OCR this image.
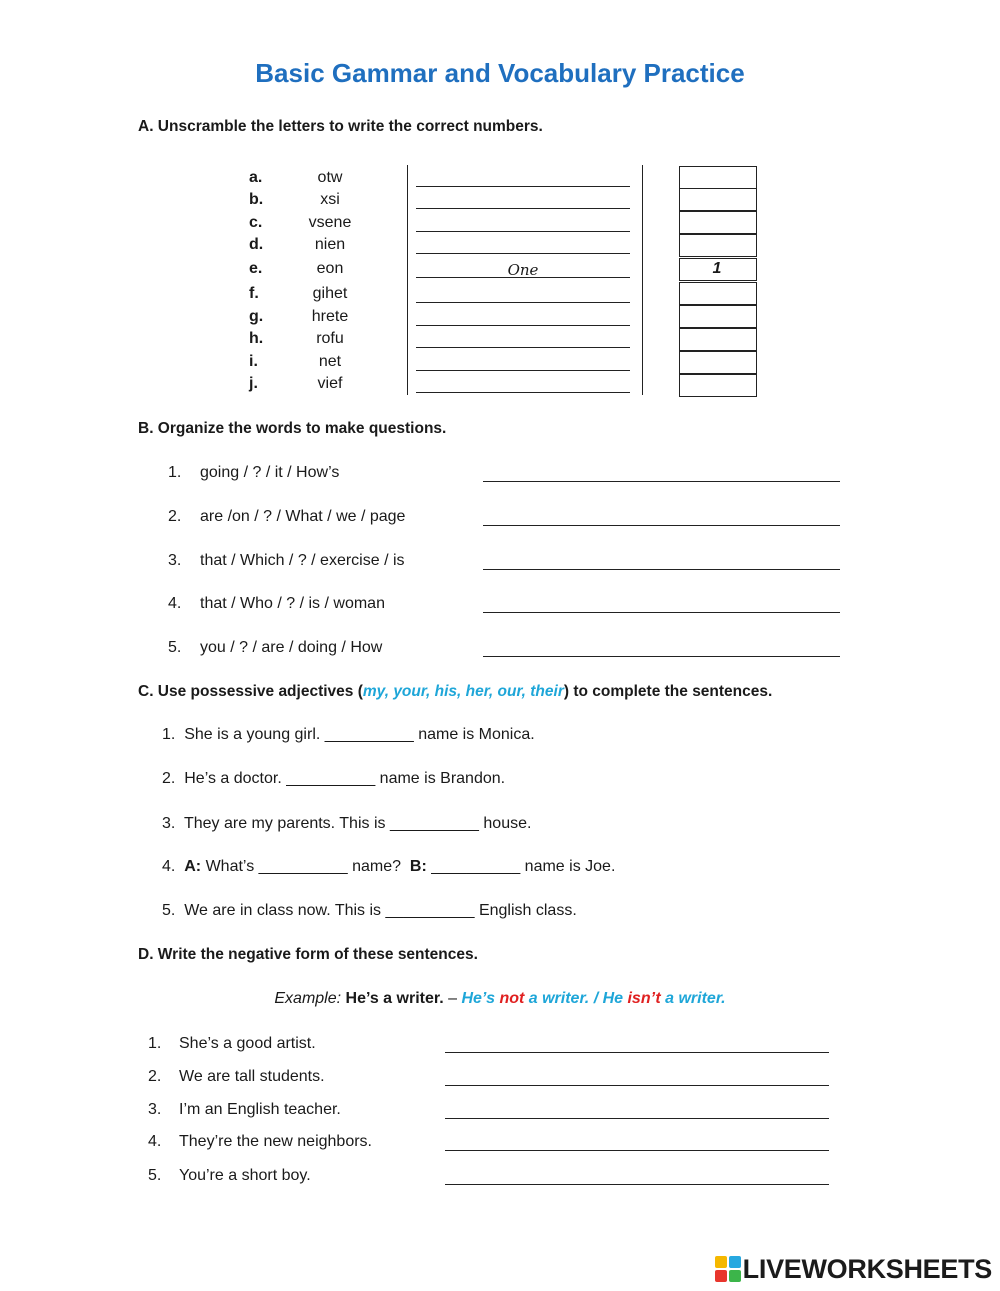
Basic Gammar and Vocabulary Practice
A. Unscramble the letters to write the correct numbers.
B. Organize the words to make questions.
C. Use possessive adjectives (my, your, his, her, our, their) to complete the sentences.
4. A: What’s __________ name? B: __________ name is Joe.
D. Write the negative form of these sentences.
Example: He’s a writer. – He’s not a writer. / He isn’t a writer.
LIVEWORKSHEETS
a.	otw
b.	xsi
c.	vsene
d.	nien
e.	eon	One	1
f.	gihet
g.	hrete
h.	rofu
i.	net
j.	vief
1. going / ? / it / How’s
2. are /on / ? / What / we / page
3. that / Which / ? / exercise / is
4. that / Who / ? / is / woman
5. you / ? / are / doing / How
1. She is a young girl. __________ name is Monica.
2. He’s a doctor. __________ name is Brandon.
3. They are my parents. This is __________ house.
5. We are in class now. This is __________ English class.
1. She’s a good artist.
2. We are tall students.
3. I’m an English teacher.
4. They’re the new neighbors.
5. You’re a short boy.
